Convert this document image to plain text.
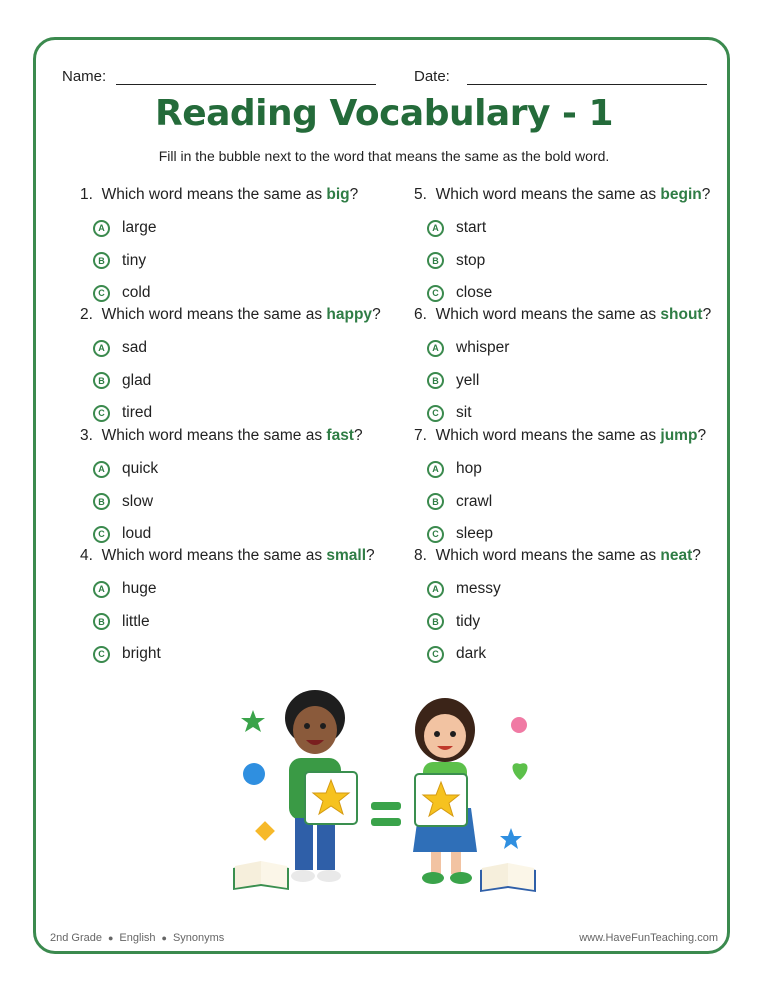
Name:	Date:
Reading Vocabulary - 1
Fill in the bubble next to the word that means the same as the bold word.
1. Which word means the same as big?
A	large
B	tiny
C	cold
2. Which word means the same as happy?
A	sad
B	glad
C	tired
3. Which word means the same as fast?
A	quick
B	slow
C	loud
4. Which word means the same as small?
A	huge
B	little
C	bright
5. Which word means the same as begin?
A	start
B	stop
C	close
6. Which word means the same as shout?
A	whisper
B	yell
C	sit
7. Which word means the same as jump?
A	hop
B	crawl
C	sleep
8. Which word means the same as neat?
A	messy
B	tidy
C	dark
2nd Grade ● English ● Synonyms	www.HaveFunTeaching.com
